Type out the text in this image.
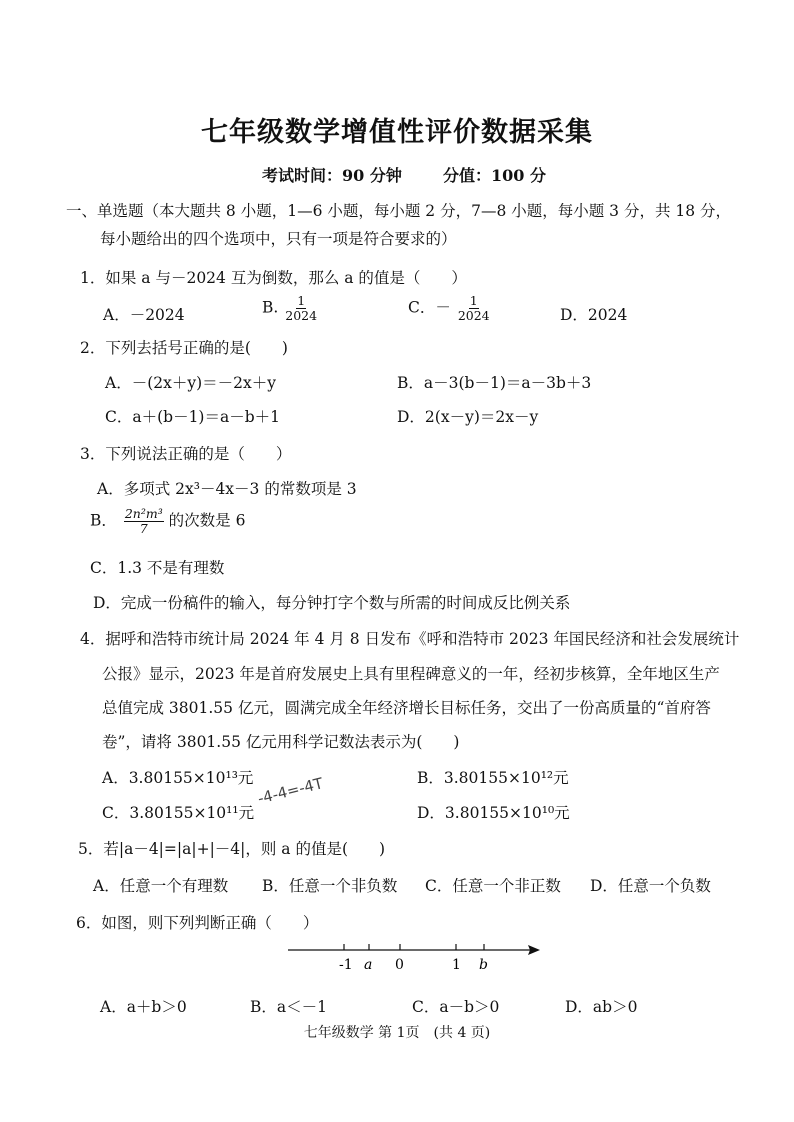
七年级数学增值性评价数据采集
考试时间：90 分钟	分值：100 分
一、单选题（本大题共 8 小题，1—6 小题，每小题 2 分，7—8 小题，每小题 3 分，共 18 分，
每小题给出的四个选项中，只有一项是符合要求的）
1．如果 a 与－2024 互为倒数，那么 a 的值是（　　）
A．－2024	B. $\frac{1}{2024}$	C．－ $\frac{1}{2024}$	D．2024
2．下列去括号正确的是(　　)
A．－(2x＋y)＝－2x＋y	B．a－3(b－1)＝a－3b＋3
C．a＋(b－1)＝a－b＋1	D．2(x－y)＝2x－y
3．下列说法正确的是（　　）
A．多项式 2x³－4x－3 的常数项是 3
B． $\frac{\text{2n²m³}}{7}$ 的次数是 6
C．1.3 不是有理数
D．完成一份稿件的输入，每分钟打字个数与所需的时间成反比例关系
4．据呼和浩特市统计局 2024 年 4 月 8 日发布《呼和浩特市 2023 年国民经济和社会发展统计
公报》显示，2023 年是首府发展史上具有里程碑意义的一年，经初步核算，全年地区生产
总值完成 3801.55 亿元，圆满完成全年经济增长目标任务，交出了一份高质量的“首府答
卷”，请将 3801.55 亿元用科学记数法表示为(　　)
A．3.80155×10¹³元	B．3.80155×10¹²元
C．3.80155×10¹¹元	D．3.80155×10¹⁰元
-4-4=-4T
5．若|a－4|=|a|+|－4|，则 a 的值是(　　)
A．任意一个有理数 B．任意一个非负数 C．任意一个非正数 D．任意一个负数
6．如图，则下列判断正确（　　）
-1 a 0	1 b
A．a＋b＞0	B．a＜－1	C．a－b＞0	D．ab＞0
七年级数学 第 1页　(共 4 页)
